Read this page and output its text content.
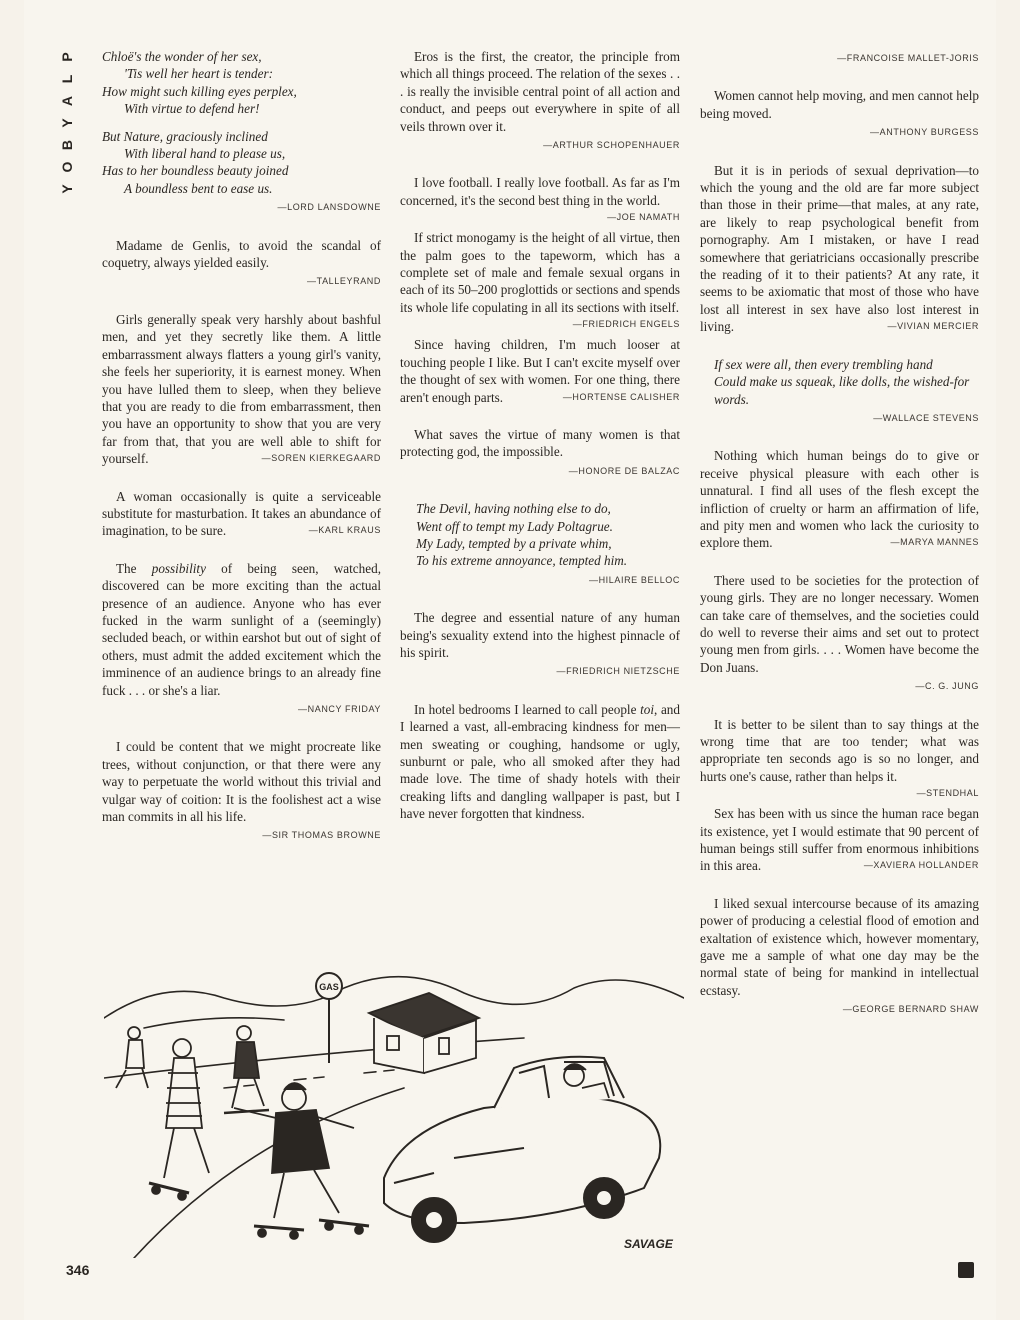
P
L
A
Y
B
O
Y
Chloë's the wonder of her sex,
'Tis well her heart is tender:
How might such killing eyes perplex,
With virtue to defend her!
But Nature, graciously inclined
With liberal hand to please us,
Has to her boundless beauty joined
A boundless bent to ease us.
—LORD LANSDOWNE

Madame de Genlis, to avoid the scandal of coquetry, always yielded easily.

—TALLEYRAND

Girls generally speak very harshly about bashful men, and yet they secretly like them. A little embarrassment always flatters a young girl's vanity, she feels her superiority, it is earnest money. When you have lulled them to sleep, when they believe that you are ready to die from embarrassment, then you have an opportunity to show that you are very far from that, that you are well able to shift for yourself.	—SOREN KIERKEGAARD

A woman occasionally is quite a serviceable substitute for masturbation. It takes an abundance of imagination, to be sure.	—KARL KRAUS

The possibility of being seen, watched, discovered can be more exciting than the actual presence of an audience. Anyone who has ever fucked in the warm sunlight of a (seemingly) secluded beach, or within earshot but out of sight of others, must admit the added excitement which the imminence of an audience brings to an already fine fuck . . . or she's a liar.

—NANCY FRIDAY

I could be content that we might procreate like trees, without conjunction, or that there were any way to perpetuate the world without this trivial and vulgar way of coition: It is the foolishest act a wise man commits in all his life.

—SIR THOMAS BROWNE

Eros is the first, the creator, the principle from which all things proceed. The relation of the sexes . . . is really the invisible central point of all action and conduct, and peeps out everywhere in spite of all veils thrown over it.

—ARTHUR SCHOPENHAUER

I love football. I really love football. As far as I'm concerned, it's the second best thing in the world.
—JOE NAMATH

If strict monogamy is the height of all virtue, then the palm goes to the tapeworm, which has a complete set of male and female sexual organs in each of its 50–200 proglottids or sections and spends its whole life copulating in all its sections with itself.
—FRIEDRICH ENGELS

Since having children, I'm much looser at touching people I like. But I can't excite myself over the thought of sex with women. For one thing, there aren't enough parts.	—HORTENSE CALISHER

What saves the virtue of many women is that protecting god, the impossible.

—HONORE DE BALZAC
The Devil, having nothing else to do,
Went off to tempt my Lady Poltagrue.
My Lady, tempted by a private whim,
To his extreme annoyance, tempted him.
—HILAIRE BELLOC

The degree and essential nature of any human being's sexuality extend into the highest pinnacle of his spirit.

—FRIEDRICH NIETZSCHE

In hotel bedrooms I learned to call people toi, and I learned a vast, all-embracing kindness for men—men sweating or coughing, handsome or ugly, sunburnt or pale, who all smoked after they had made love. The time of shady hotels with their creaking lifts and dangling wallpaper is past, but I have never forgotten that kindness.

—FRANCOISE MALLET-JORIS

Women cannot help moving, and men cannot help being moved.

—ANTHONY BURGESS

But it is in periods of sexual deprivation—to which the young and the old are far more subject than those in their prime—that males, at any rate, are likely to reap psychological benefit from pornography. Am I mistaken, or have I read somewhere that geriatricians occasionally prescribe the reading of it to their patients? At any rate, it seems to be axiomatic that most of those who have lost all interest in sex have also lost interest in living.	—VIVIAN MERCIER

If sex were all, then every trembling hand
Could make us squeak, like dolls, the wished-for words.
—WALLACE STEVENS

Nothing which human beings do to give or receive physical pleasure with each other is unnatural. I find all uses of the flesh except the infliction of cruelty or harm an affirmation of life, and pity men and women who lack the curiosity to explore them.	—MARYA MANNES

There used to be societies for the protection of young girls. They are no longer necessary. Women can take care of themselves, and the societies could do well to reverse their aims and set out to protect young men from girls. . . . Women have become the Don Juans.

—C. G. JUNG

It is better to be silent than to say things at the wrong time that are too tender; what was appropriate ten seconds ago is so no longer, and hurts one's cause, rather than helps it.
—STENDHAL

Sex has been with us since the human race began its existence, yet I would estimate that 90 percent of human beings still suffer from enormous inhibitions in this area.	—XAVIERA HOLLANDER

I liked sexual intercourse because of its amazing power of producing a celestial flood of emotion and exaltation of existence which, however momentary, gave me a sample of what one day may be the normal state of being for mankind in intellectual ecstasy.

—GEORGE BERNARD SHAW
GAS
SAVAGE
346
